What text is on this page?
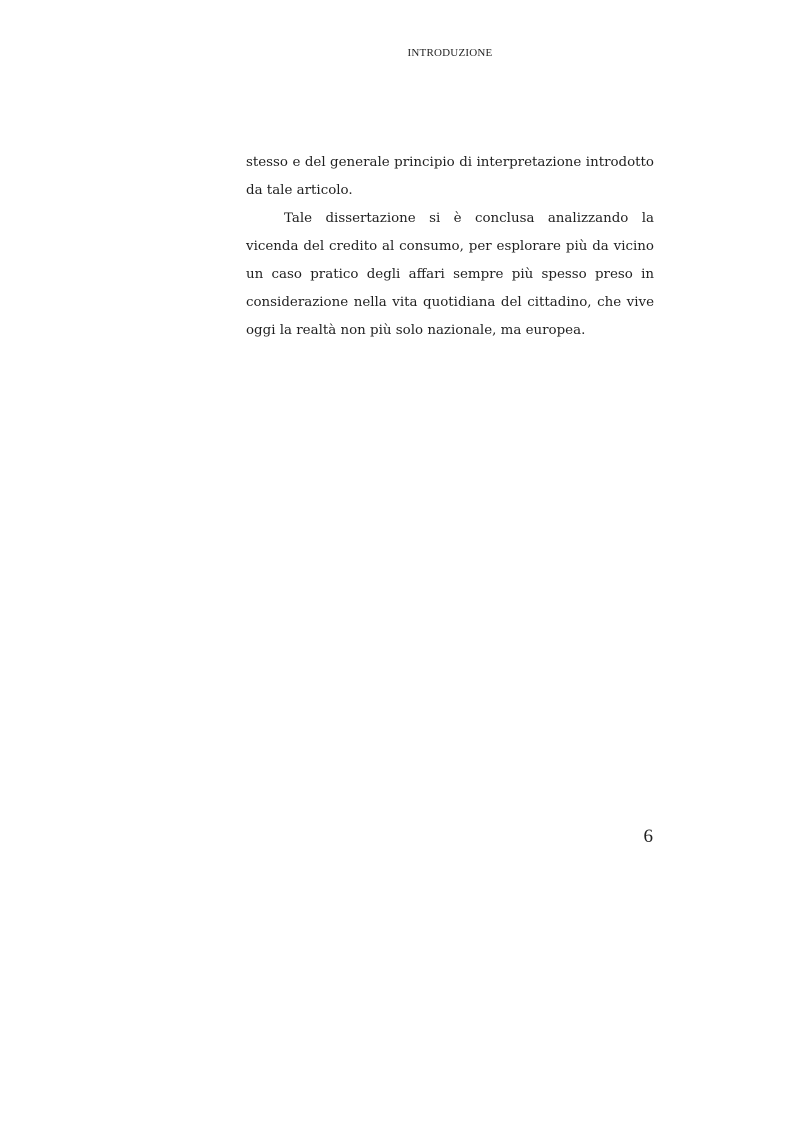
INTRODUZIONE

stesso e del generale principio di interpretazione introdotto da tale articolo.

Tale dissertazione si è conclusa analizzando la vicenda del credito al consumo, per esplorare più da vicino un caso pratico degli affari sempre più spesso preso in considerazione nella vita quotidiana del cittadino, che vive oggi la realtà non più solo nazionale, ma europea.

6
